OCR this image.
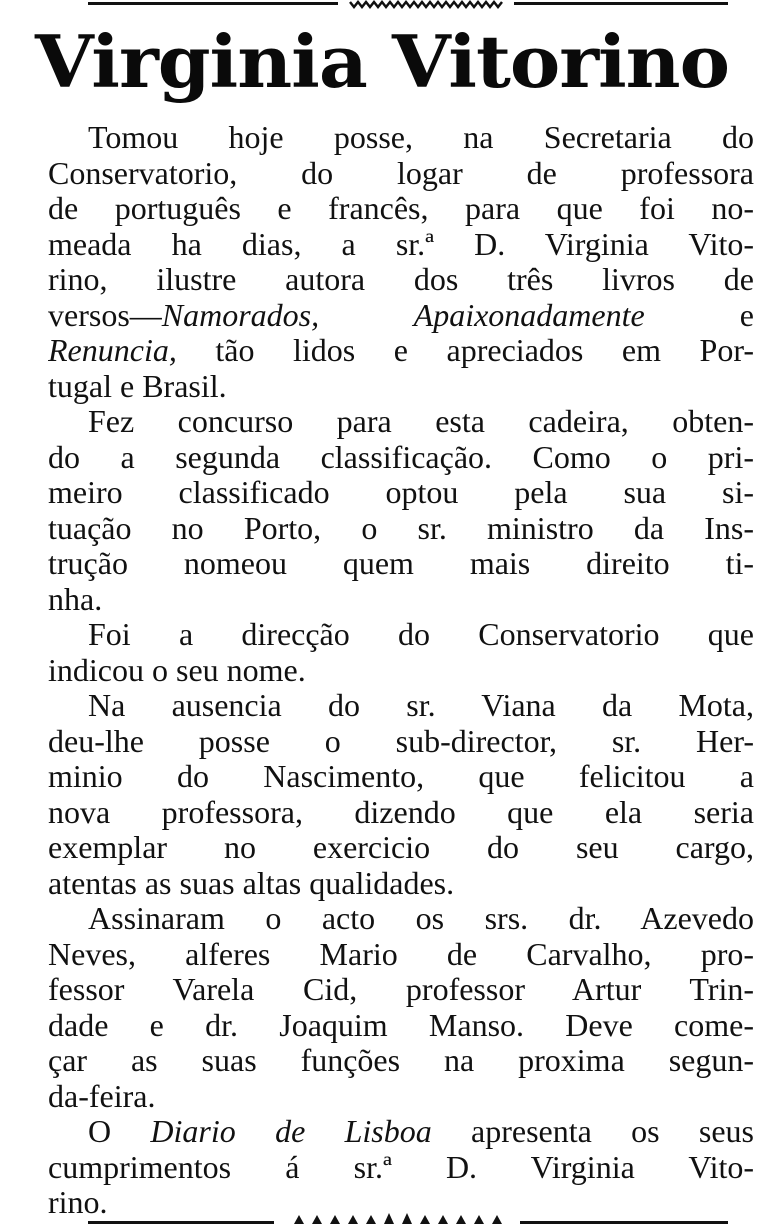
Virginia Vitorino
Tomou hoje posse, na Secretaria do
Conservatorio, do logar de professora
de português e francês, para que foi no-
meada ha dias, a sr.ª D. Virginia Vito-
rino, ilustre autora dos três livros de
versos—Namorados, Apaixonadamente e
Renuncia, tão lidos e apreciados em Por-
tugal e Brasil.
Fez concurso para esta cadeira, obten-
do a segunda classificação. Como o pri-
meiro classificado optou pela sua si-
tuação no Porto, o sr. ministro da Ins-
trução nomeou quem mais direito ti-
nha.
Foi a direcção do Conservatorio que
indicou o seu nome.
Na ausencia do sr. Viana da Mota,
deu-lhe posse o sub-director, sr. Her-
minio do Nascimento, que felicitou a
nova professora, dizendo que ela seria
exemplar no exercicio do seu cargo,
atentas as suas altas qualidades.
Assinaram o acto os srs. dr. Azevedo
Neves, alferes Mario de Carvalho, pro-
fessor Varela Cid, professor Artur Trin-
dade e dr. Joaquim Manso. Deve come-
çar as suas funções na proxima segun-
da-feira.
O Diario de Lisboa apresenta os seus
cumprimentos á sr.ª D. Virginia Vito-
rino.
